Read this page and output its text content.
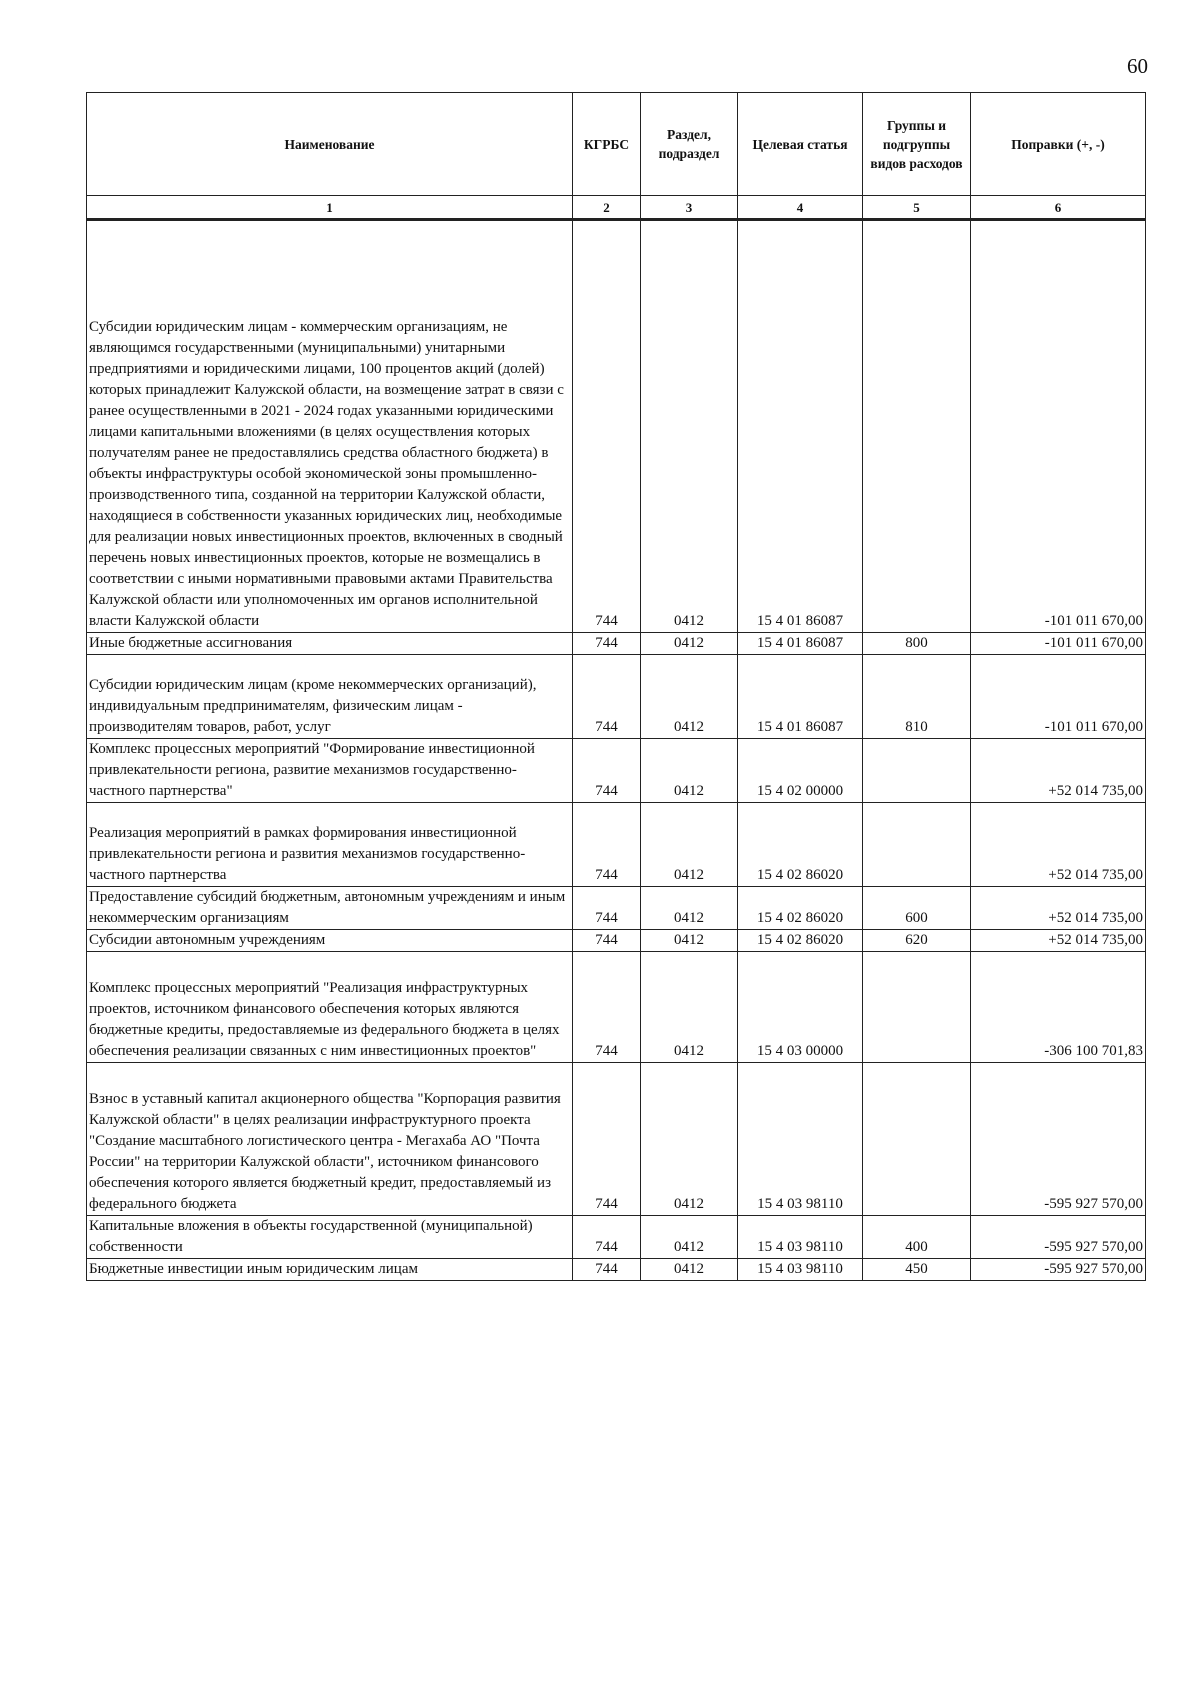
60
Наименование	КГРБС	Раздел, подраздел	Целевая статья	Группы и подгруппы видов расходов	Поправки (+, -)
1	2	3	4	5	6
Субсидии юридическим лицам - коммерческим организациям, не являющимся государственными (муниципальными) унитарными предприятиями и юридическими лицами, 100 процентов акций (долей) которых принадлежит Калужской области, на возмещение затрат в связи с ранее осуществленными в 2021 - 2024 годах указанными юридическими лицами капитальными вложениями (в целях осуществления которых получателям ранее не предоставлялись средства областного бюджета) в объекты инфраструктуры особой экономической зоны промышленно-производственного типа, созданной на территории Калужской области, находящиеся в собственности указанных юридических лиц, необходимые для реализации новых инвестиционных проектов, включенных в сводный перечень новых инвестиционных проектов, которые не возмещались в соответствии с иными нормативными правовыми актами Правительства Калужской области или уполномоченных им органов исполнительной власти Калужской области	744	0412	15 4 01 86087		-101 011 670,00
Иные бюджетные ассигнования	744	0412	15 4 01 86087	800	-101 011 670,00
Субсидии юридическим лицам (кроме некоммерческих организаций), индивидуальным предпринимателям, физическим лицам - производителям товаров, работ, услуг	744	0412	15 4 01 86087	810	-101 011 670,00
Комплекс процессных мероприятий "Формирование инвестиционной привлекательности региона, развитие механизмов государственно-частного партнерства"	744	0412	15 4 02 00000		+52 014 735,00
Реализация мероприятий в рамках формирования инвестиционной привлекательности региона и развития механизмов государственно-частного партнерства	744	0412	15 4 02 86020		+52 014 735,00
Предоставление субсидий бюджетным, автономным учреждениям и иным некоммерческим организациям	744	0412	15 4 02 86020	600	+52 014 735,00
Субсидии автономным учреждениям	744	0412	15 4 02 86020	620	+52 014 735,00
Комплекс процессных мероприятий "Реализация инфраструктурных проектов, источником финансового обеспечения которых являются бюджетные кредиты, предоставляемые из федерального бюджета в целях обеспечения реализации связанных с ним инвестиционных проектов"	744	0412	15 4 03 00000		-306 100 701,83
Взнос в уставный капитал акционерного общества "Корпорация развития Калужской области" в целях реализации инфраструктурного проекта "Создание масштабного логистического центра - Мегахаба АО "Почта России" на территории Калужской области", источником финансового обеспечения которого является бюджетный кредит, предоставляемый из федерального бюджета	744	0412	15 4 03 98110		-595 927 570,00
Капитальные вложения в объекты государственной (муниципальной) собственности	744	0412	15 4 03 98110	400	-595 927 570,00
Бюджетные инвестиции иным юридическим лицам	744	0412	15 4 03 98110	450	-595 927 570,00
